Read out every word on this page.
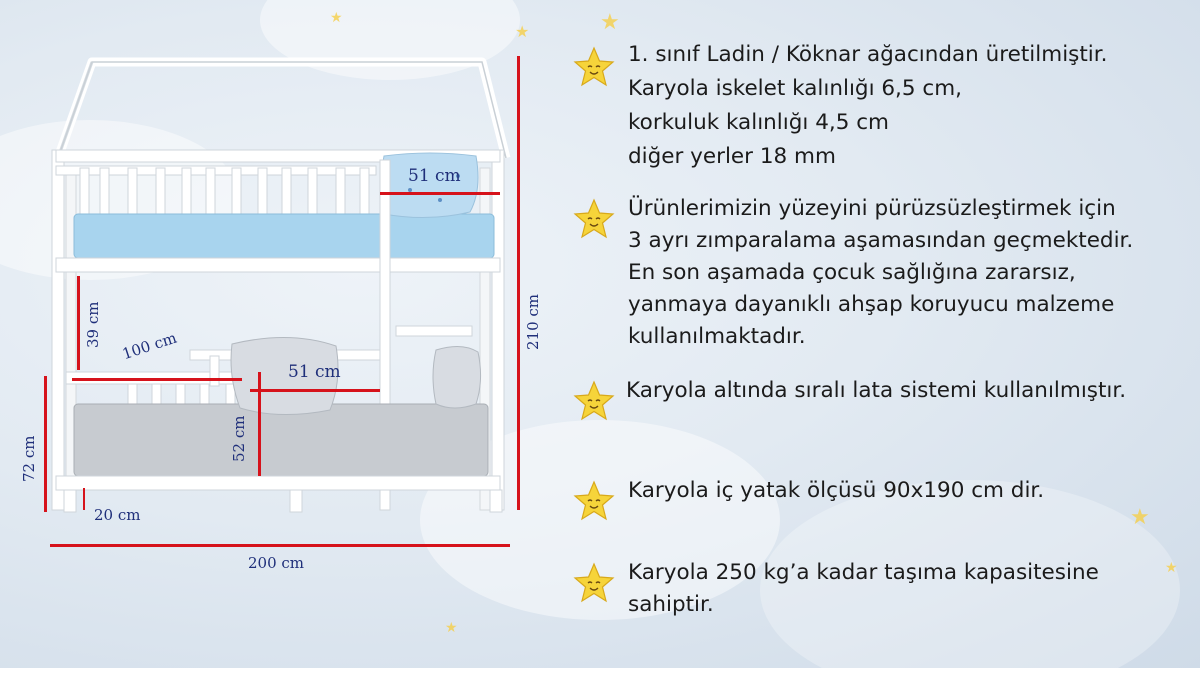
★
★
★
★
★
★
51 cm
51 cm
100 cm
39 cm
52 cm
210 cm
72 cm
20 cm
200 cm
1. sınıf Ladin / Köknar ağacından üretilmiştir.
Karyola iskelet kalınlığı 6,5 cm,
korkuluk kalınlığı 4,5 cm
diğer yerler 18 mm
Ürünlerimizin yüzeyini pürüzsüzleştirmek için
3 ayrı zımparalama aşamasından geçmektedir.
En son aşamada çocuk sağlığına zararsız,
yanmaya dayanıklı ahşap koruyucu malzeme
kullanılmaktadır.
Karyola altında sıralı lata sistemi kullanılmıştır.
Karyola iç yatak ölçüsü 90x190 cm dir.
Karyola 250 kg’a kadar taşıma kapasitesine
sahiptir.
